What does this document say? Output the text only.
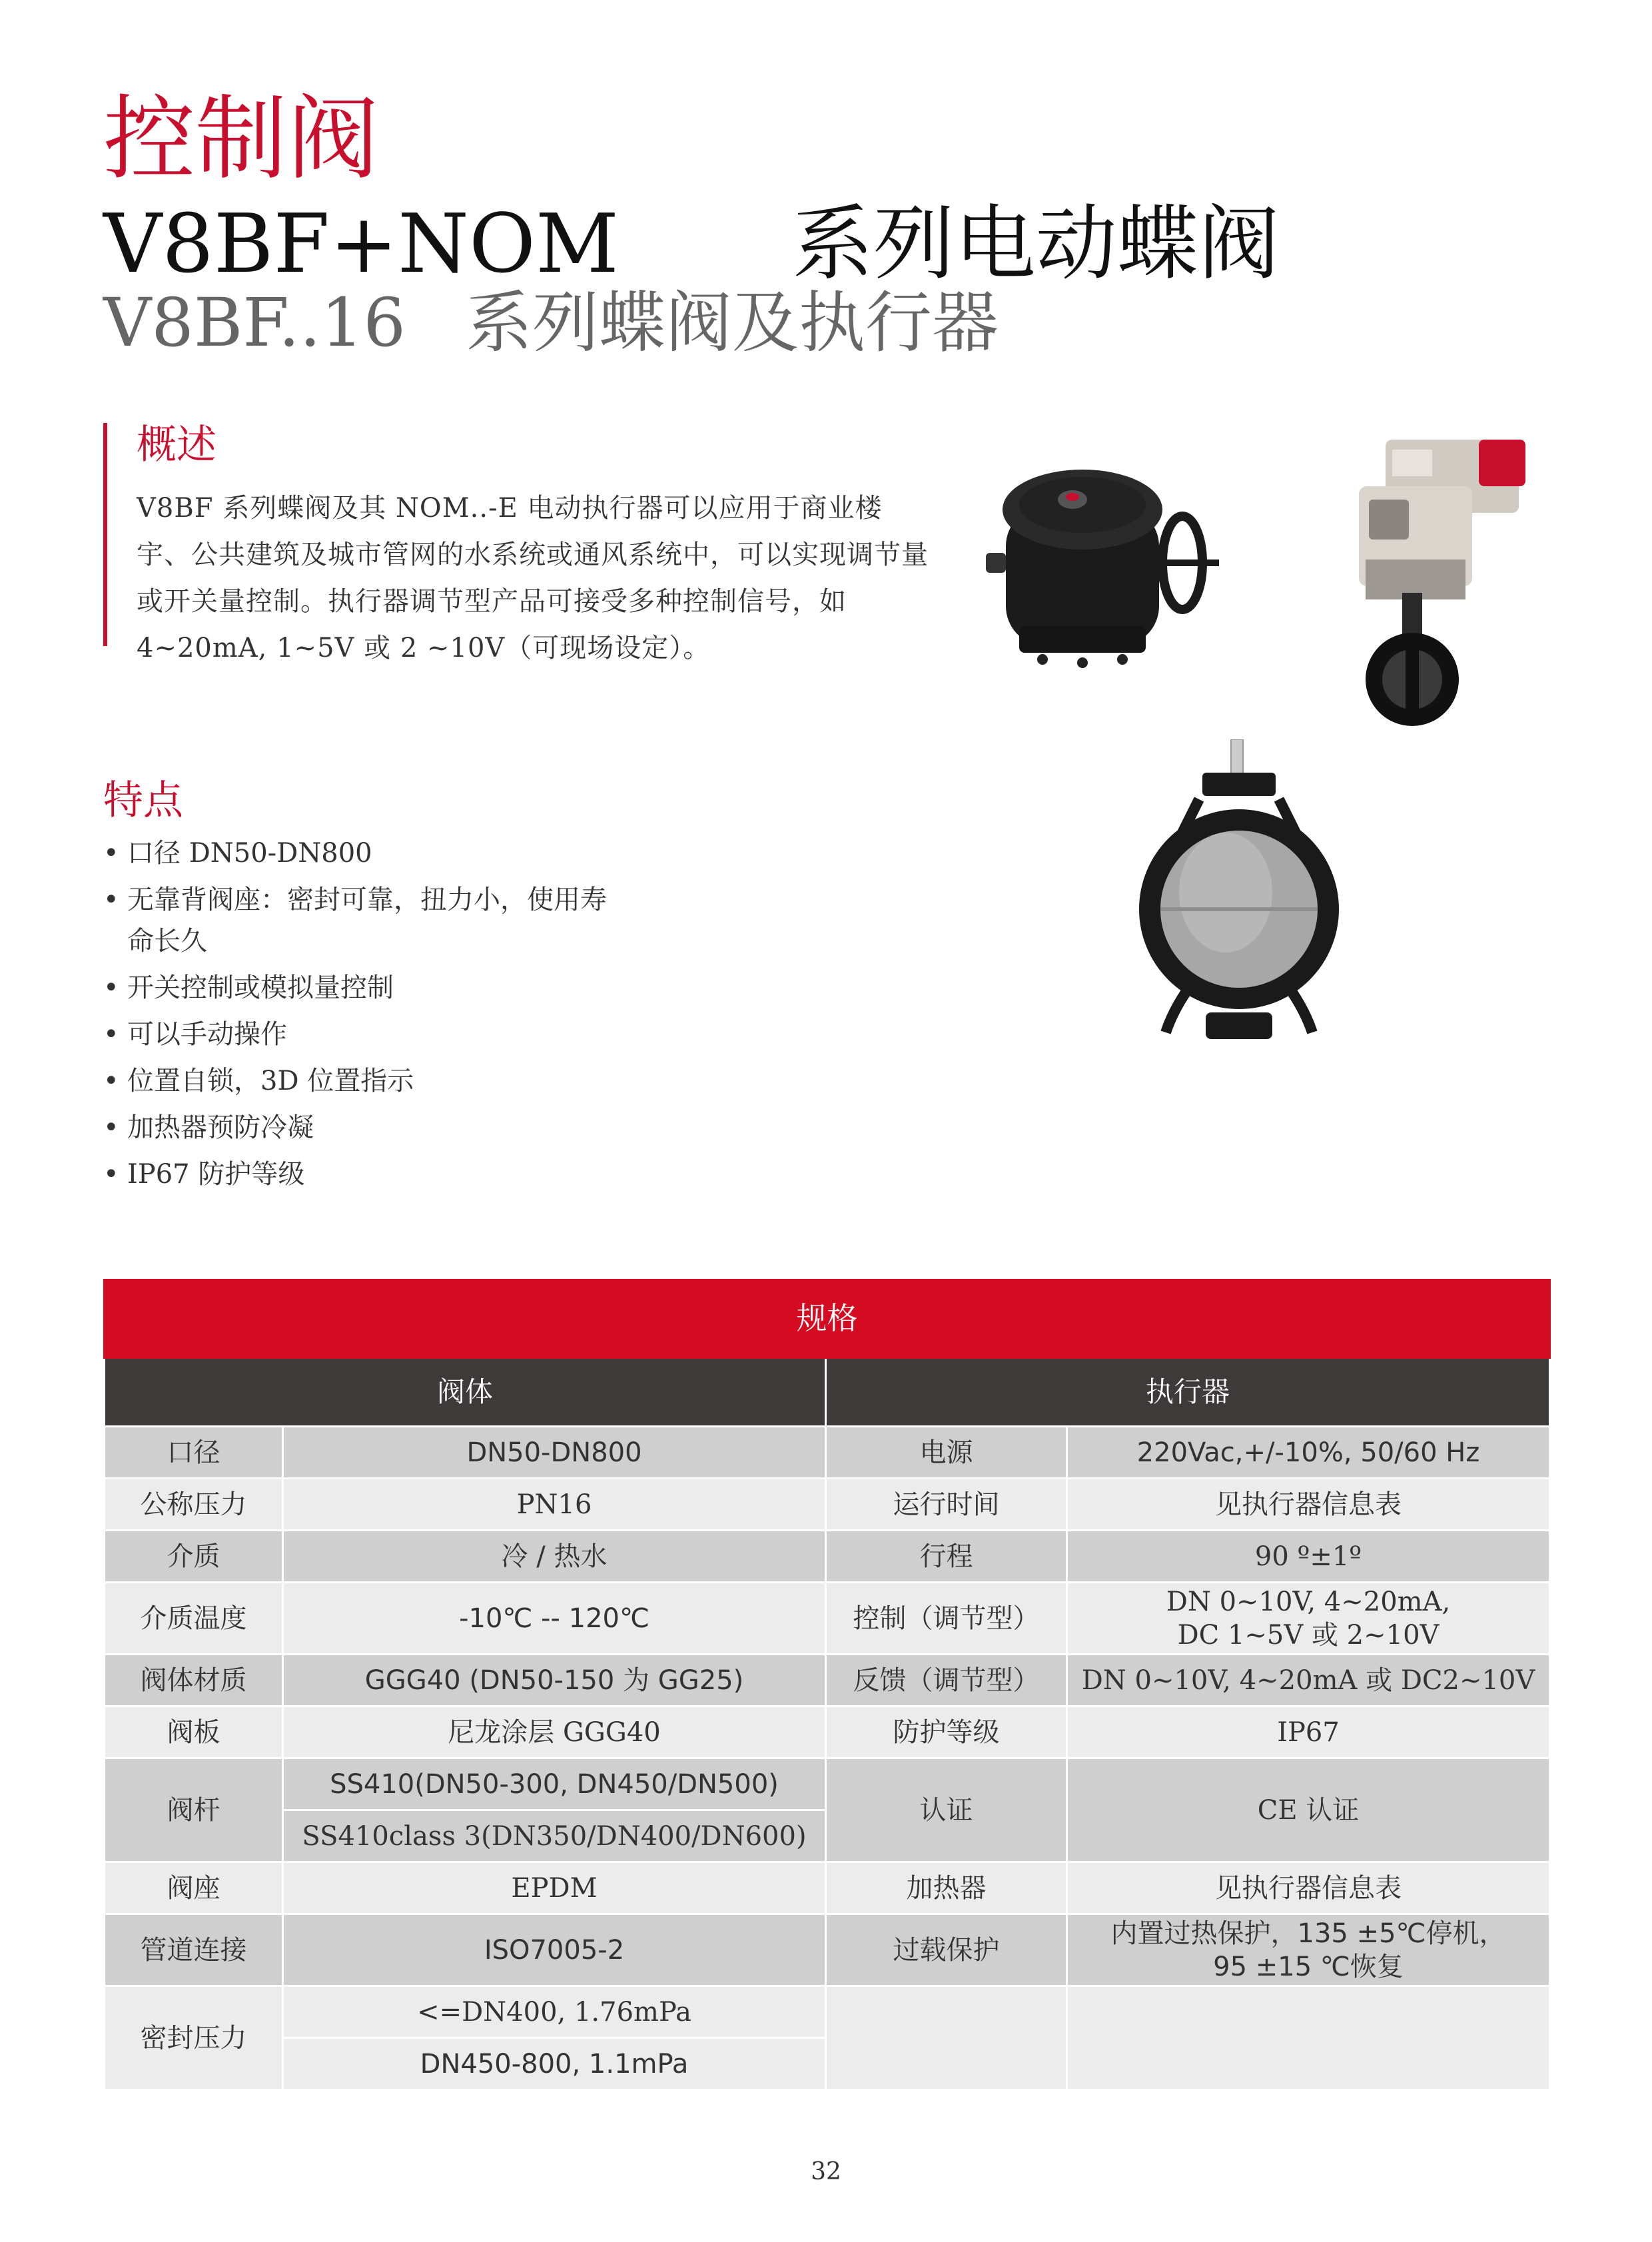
控制阀
V8BF+NOM 系列电动蝶阀
V8BF..16 系列蝶阀及执行器
概述
V8BF 系列蝶阀及其 NOM..-E 电动执行器可以应用于商业楼宇、公共建筑及城市管网的水系统或通风系统中，可以实现调节量或开关量控制。执行器调节型产品可接受多种控制信号，如 4~20mA, 1~5V 或 2 ~10V（可现场设定）。
特点
• 口径 DN50-DN800
• 无靠背阀座：密封可靠，扭力小，使用寿命长久
• 开关控制或模拟量控制
• 可以手动操作
• 位置自锁，3D 位置指示
• 加热器预防冷凝
• IP67 防护等级
规格			
阀体		执行器	
口径	DN50-DN800	电源	220Vac,+/-10%, 50/60 Hz
公称压力	PN16	运行时间	见执行器信息表
介质	冷 / 热水	行程	90 º±1º
介质温度	-10℃ -- 120℃	控制（调节型）	DN 0~10V, 4~20mA,
DC 1~5V 或 2~10V

阀体材质	GGG40 (DN50-150 为 GG25)	反馈（调节型）	DN 0~10V, 4~20mA 或 DC2~10V
阀板	尼龙涂层 GGG40	防护等级	IP67
阀杆	SS410(DN50-300, DN450/DN500)	认证	CE 认证
	SS410class 3(DN350/DN400/DN600)		
阀座	EPDM	加热器	见执行器信息表
管道连接	ISO7005-2	过载保护	内置过热保护，135 ±5℃停机，
95 ±15 ℃恢复

密封压力	<=DN400, 1.76mPa		
	DN450-800, 1.1mPa		
32
